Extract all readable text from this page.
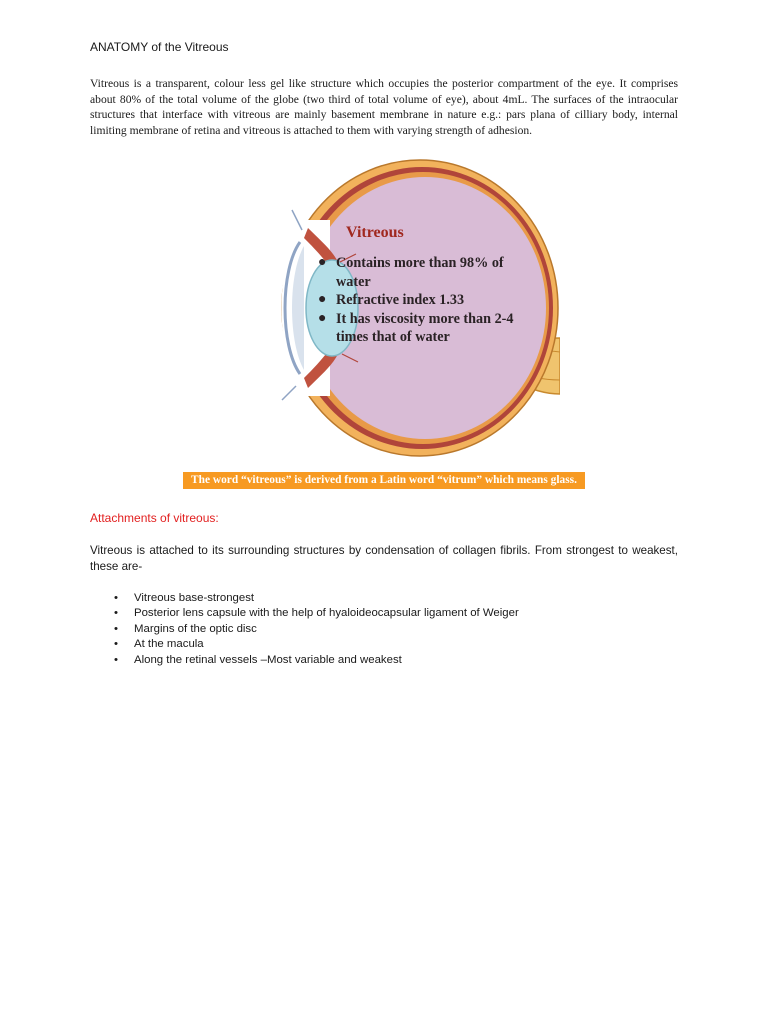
ANATOMY of the Vitreous

Vitreous is a transparent, colour less gel like structure which occupies the posterior compartment of the eye. It comprises about 80% of the total volume of the globe (two third of total volume of eye), about 4mL. The surfaces of the intraocular structures that interface with vitreous are mainly basement membrane in nature e.g.: pars plana of cilliary body, internal limiting membrane of retina and vitreous is attached to them with varying strength of adhesion.

Vitreous
● Contains more than 98% of water
● Refractive index 1.33
● It has viscosity more than 2-4 times that of water
The word “vitreous” is derived from a Latin word “vitrum” which means glass.
Attachments of vitreous:

Vitreous is attached to its surrounding structures by condensation of collagen fibrils. From strongest to weakest, these are-

• Vitreous base-strongest
• Posterior lens capsule with the help of hyaloideocapsular ligament of Weiger
• Margins of the optic disc
• At the macula
• Along the retinal vessels –Most variable and weakest
